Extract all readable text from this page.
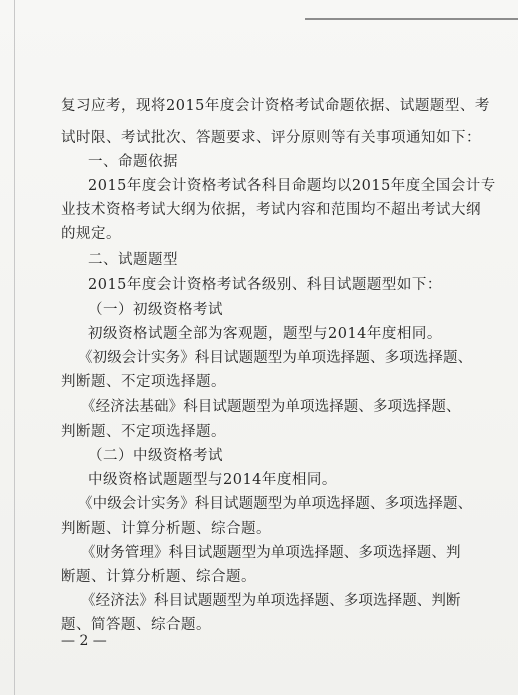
复习应考，现将2015年度会计资格考试命题依据、试题题型、考
试时限、考试批次、答题要求、评分原则等有关事项通知如下：
一、命题依据
2015年度会计资格考试各科目命题均以2015年度全国会计专
业技术资格考试大纲为依据，考试内容和范围均不超出考试大纲
的规定。
二、试题题型
2015年度会计资格考试各级别、科目试题题型如下：
（一）初级资格考试
初级资格试题全部为客观题，题型与2014年度相同。
《初级会计实务》科目试题题型为单项选择题、多项选择题、
判断题、不定项选择题。
《经济法基础》科目试题题型为单项选择题、多项选择题、
判断题、不定项选择题。
（二）中级资格考试
中级资格试题题型与2014年度相同。
《中级会计实务》科目试题题型为单项选择题、多项选择题、
判断题、计算分析题、综合题。
《财务管理》科目试题题型为单项选择题、多项选择题、判
断题、计算分析题、综合题。
《经济法》科目试题题型为单项选择题、多项选择题、判断
题、简答题、综合题。
— 2 —
